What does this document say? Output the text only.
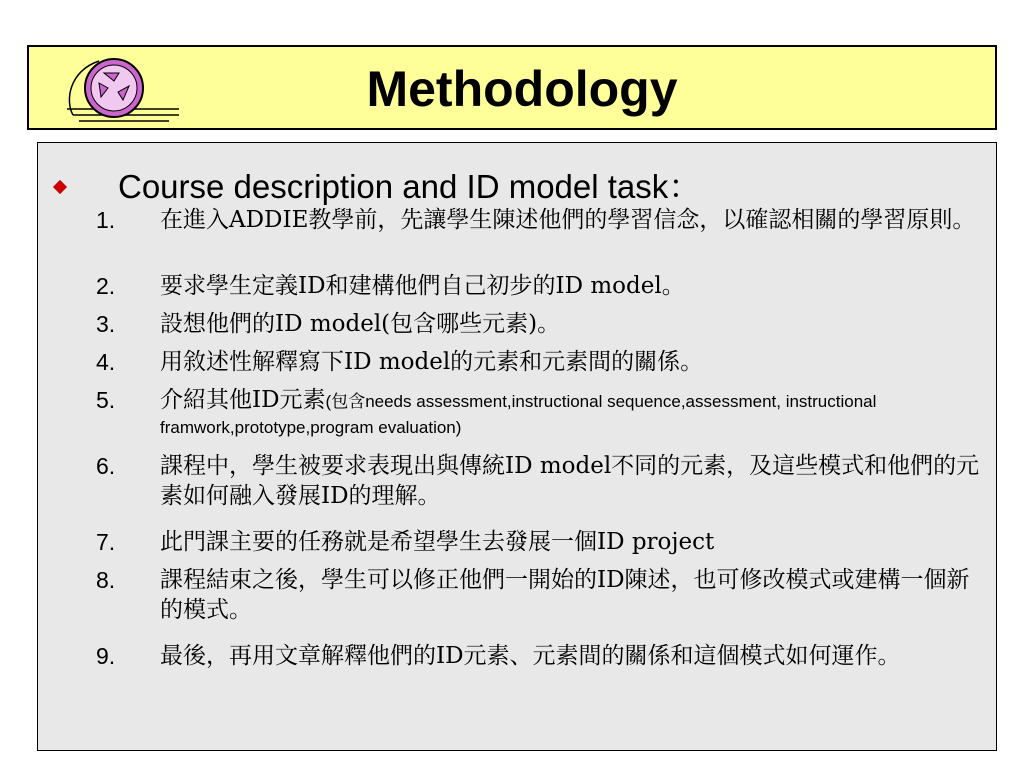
Methodology
Course description and ID model task：
1. 在進入ADDIE教學前，先讓學生陳述他們的學習信念，以確認相關的學習原則。
2. 要求學生定義ID和建構他們自己初步的ID model。
3. 設想他們的ID model(包含哪些元素)。
4. 用敘述性解釋寫下ID model的元素和元素間的關係。
5. 介紹其他ID元素(包含needs assessment,instructional sequence,assessment, instructional framwork,prototype,program evaluation)
6. 課程中，學生被要求表現出與傳統ID model不同的元素，及這些模式和他們的元素如何融入發展ID的理解。
7. 此門課主要的任務就是希望學生去發展一個ID project
8. 課程結束之後，學生可以修正他們一開始的ID陳述，也可修改模式或建構一個新的模式。
9. 最後，再用文章解釋他們的ID元素、元素間的關係和這個模式如何運作。
